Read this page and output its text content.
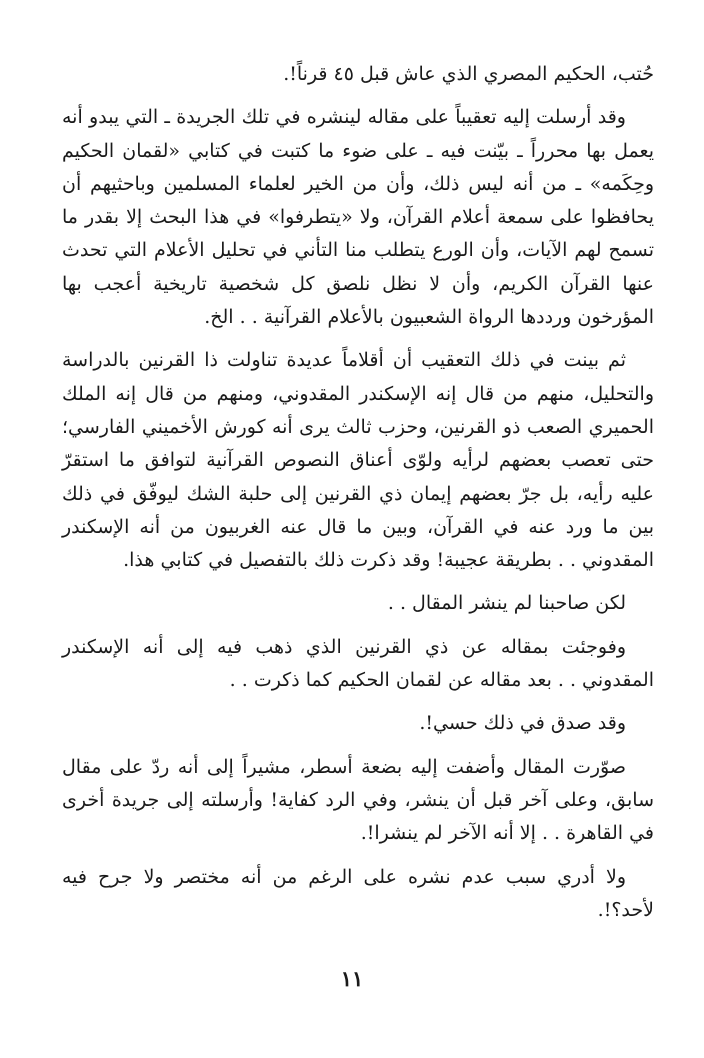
حُتب، الحكيم المصري الذي عاش قبل ٤٥ قرناً!.

وقد أرسلت إليه تعقيباً على مقاله لينشره في تلك الجريدة ـ التي يبدو أنه يعمل بها محرراً ـ بيّنت فيه ـ على ضوء ما كتبت في كتابي «لقمان الحكيم وحِكَمه» ـ من أنه ليس ذلك، وأن من الخير لعلماء المسلمين وباحثيهم أن يحافظوا على سمعة أعلام القرآن، ولا «يتطرفوا» في هذا البحث إلا بقدر ما تسمح لهم الآيات، وأن الورع يتطلب منا التأني في تحليل الأعلام التي تحدث عنها القرآن الكريم، وأن لا نظل نلصق كل شخصية تاريخية أعجب بها المؤرخون ورددها الرواة الشعبيون بالأعلام القرآنية . . الخ.

ثم بينت في ذلك التعقيب أن أقلاماً عديدة تناولت ذا القرنين بالدراسة والتحليل، منهم من قال إنه الإسكندر المقدوني، ومنهم من قال إنه الملك الحميري الصعب ذو القرنين، وحزب ثالث يرى أنه كورش الأخميني الفارسي؛ حتى تعصب بعضهم لرأيه ولوّى أعناق النصوص القرآنية لتوافق ما استقرّ عليه رأيه، بل جرّ بعضهم إيمان ذي القرنين إلى حلبة الشك ليوفّق في ذلك بين ما ورد عنه في القرآن، وبين ما قال عنه الغربيون من أنه الإسكندر المقدوني . . بطريقة عجيبة! وقد ذكرت ذلك بالتفصيل في كتابي هذا.

لكن صاحبنا لم ينشر المقال . .

وفوجئت بمقاله عن ذي القرنين الذي ذهب فيه إلى أنه الإسكندر المقدوني . . بعد مقاله عن لقمان الحكيم كما ذكرت . .

وقد صدق في ذلك حسي!.

صوّرت المقال وأضفت إليه بضعة أسطر، مشيراً إلى أنه ردّ على مقال سابق، وعلى آخر قبل أن ينشر، وفي الرد كفاية! وأرسلته إلى جريدة أخرى في القاهرة . . إلا أنه الآخر لم ينشرا!.

ولا أدري سبب عدم نشره على الرغم من أنه مختصر ولا جرح فيه لأحد؟!.

١١
